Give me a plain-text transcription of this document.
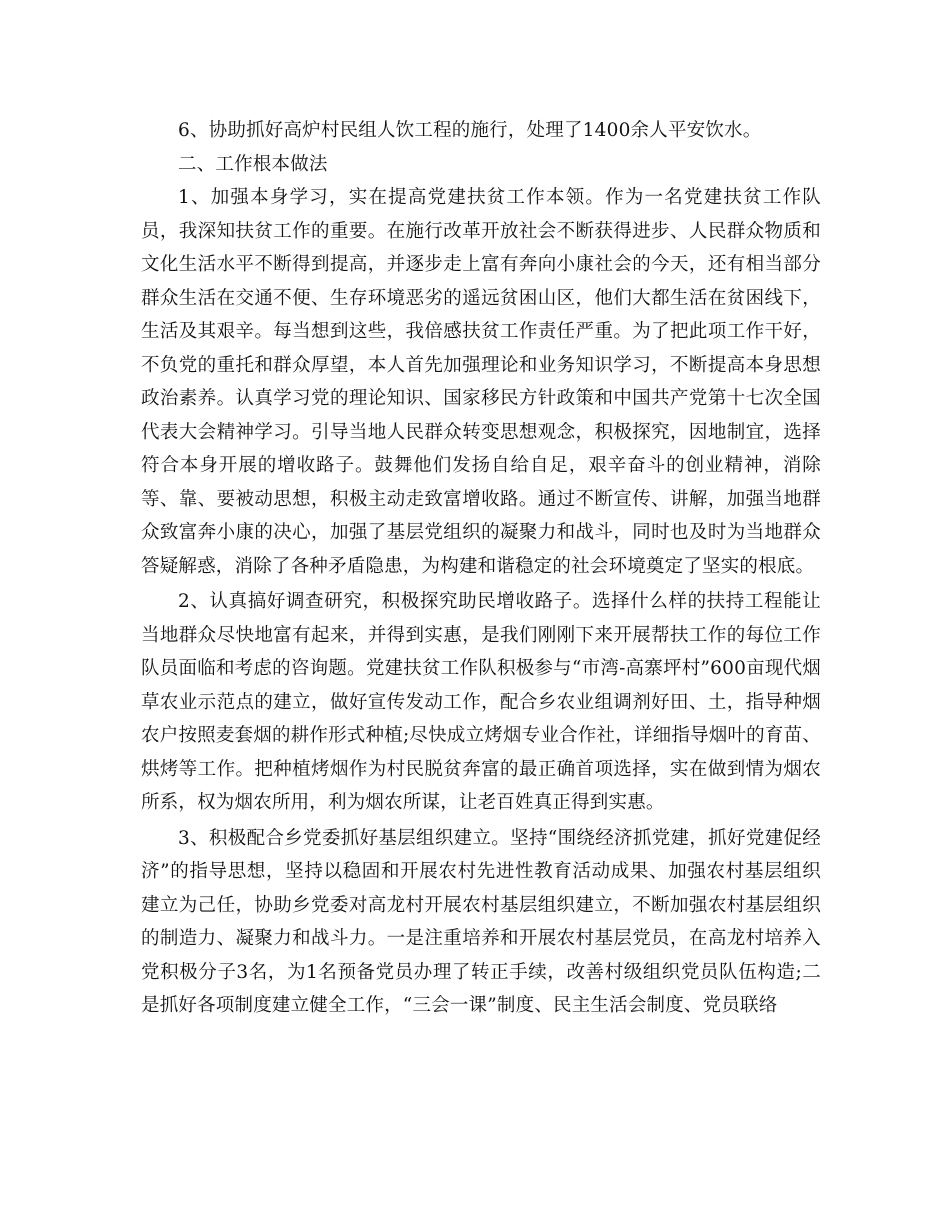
6、协助抓好高炉村民组人饮工程的施行，处理了1400余人平安饮水。

二、工作根本做法

1、加强本身学习，实在提高党建扶贫工作本领。作为一名党建扶贫工作队员，我深知扶贫工作的重要。在施行改革开放社会不断获得进步、人民群众物质和文化生活水平不断得到提高，并逐步走上富有奔向小康社会的今天，还有相当部分群众生活在交通不便、生存环境恶劣的遥远贫困山区，他们大都生活在贫困线下，生活及其艰辛。每当想到这些，我倍感扶贫工作责任严重。为了把此项工作干好，不负党的重托和群众厚望，本人首先加强理论和业务知识学习，不断提高本身思想政治素养。认真学习党的理论知识、国家移民方针政策和中国共产党第十七次全国代表大会精神学习。引导当地人民群众转变思想观念，积极探究，因地制宜，选择符合本身开展的增收路子。鼓舞他们发扬自给自足，艰辛奋斗的创业精神，消除等、靠、要被动思想，积极主动走致富增收路。通过不断宣传、讲解，加强当地群众致富奔小康的决心，加强了基层党组织的凝聚力和战斗，同时也及时为当地群众答疑解惑，消除了各种矛盾隐患，为构建和谐稳定的社会环境奠定了坚实的根底。

2、认真搞好调查研究，积极探究助民增收路子。选择什么样的扶持工程能让当地群众尽快地富有起来，并得到实惠，是我们刚刚下来开展帮扶工作的每位工作队员面临和考虑的咨询题。党建扶贫工作队积极参与“市湾-高寨坪村”600亩现代烟草农业示范点的建立，做好宣传发动工作，配合乡农业组调剂好田、土，指导种烟农户按照麦套烟的耕作形式种植;尽快成立烤烟专业合作社，详细指导烟叶的育苗、烘烤等工作。把种植烤烟作为村民脱贫奔富的最正确首项选择，实在做到情为烟农所系，权为烟农所用，利为烟农所谋，让老百姓真正得到实惠。

3、积极配合乡党委抓好基层组织建立。坚持“围绕经济抓党建，抓好党建促经济”的指导思想，坚持以稳固和开展农村先进性教育活动成果、加强农村基层组织建立为己任，协助乡党委对高龙村开展农村基层组织建立，不断加强农村基层组织的制造力、凝聚力和战斗力。一是注重培养和开展农村基层党员，在高龙村培养入党积极分子3名，为1名预备党员办理了转正手续，改善村级组织党员队伍构造;二是抓好各项制度建立健全工作，“三会一课”制度、民主生活会制度、党员联络
